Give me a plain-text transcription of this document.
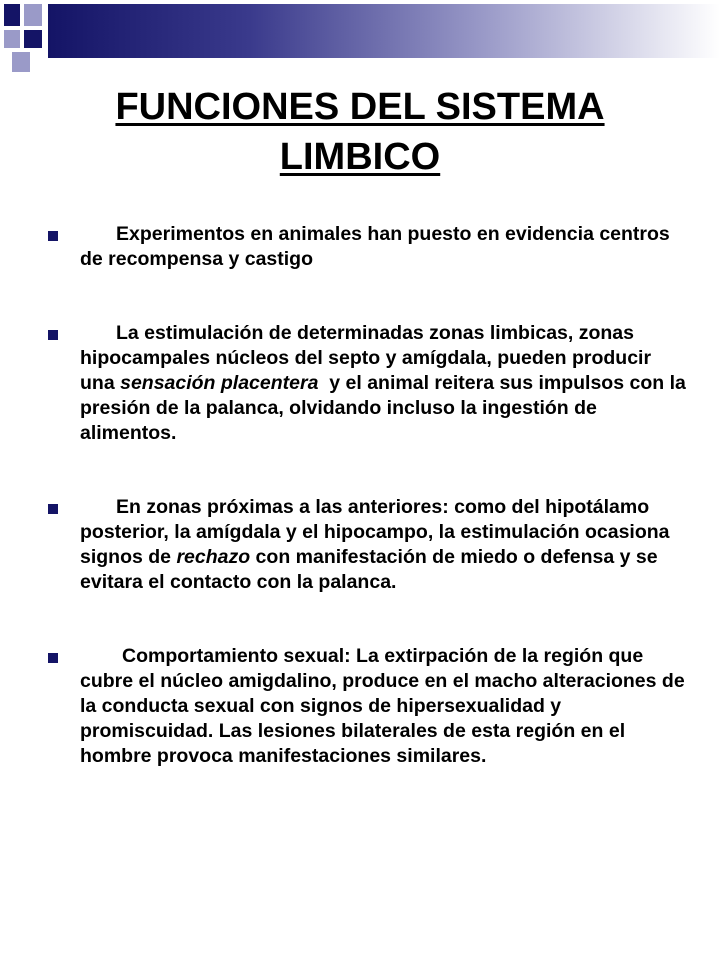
FUNCIONES DEL SISTEMA
LIMBICO
Experimentos en animales han puesto en evidencia centros de recompensa y castigo
La estimulación de determinadas zonas limbicas, zonas hipocampales núcleos del septo y amígdala, pueden producir una sensación placentera  y el animal reitera sus impulsos con la presión de la palanca, olvidando incluso la ingestión de alimentos.
En zonas próximas a las anteriores: como del hipotálamo posterior, la amígdala y el hipocampo, la estimulación ocasiona signos de rechazo con manifestación de miedo o defensa y se evitara el contacto con la palanca.
Comportamiento sexual: La extirpación de la región que cubre el núcleo amigdalino, produce en el macho alteraciones de la conducta sexual con signos de hipersexualidad y promiscuidad. Las lesiones bilaterales de esta región en el hombre provoca manifestaciones similares.
